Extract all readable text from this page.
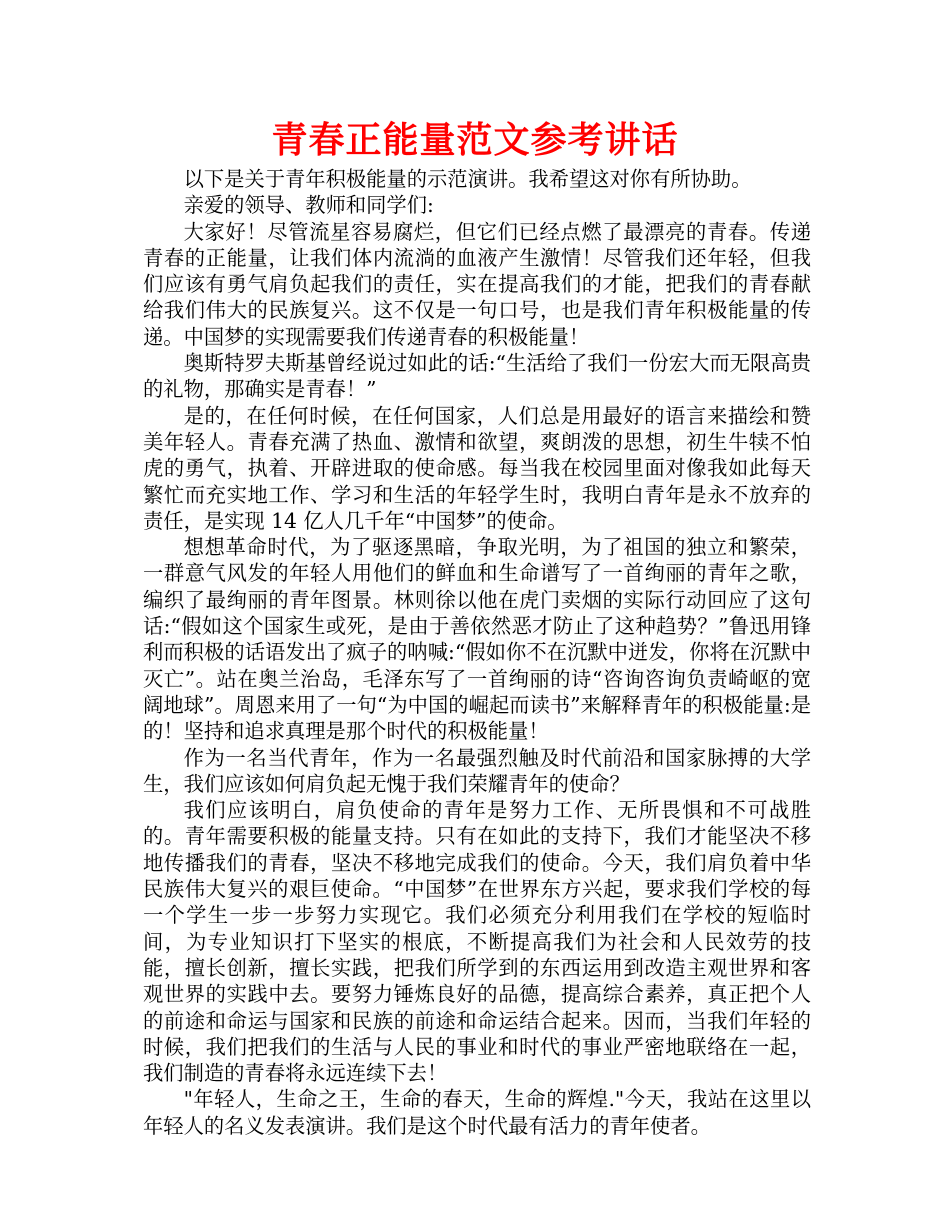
青春正能量范文参考讲话

以下是关于青年积极能量的示范演讲。我希望这对你有所协助。

亲爱的领导、教师和同学们:

大家好！尽管流星容易腐烂，但它们已经点燃了最漂亮的青春。传递青春的正能量，让我们体内流淌的血液产生激情！尽管我们还年轻，但我们应该有勇气肩负起我们的责任，实在提高我们的才能，把我们的青春献给我们伟大的民族复兴。这不仅是一句口号，也是我们青年积极能量的传递。中国梦的实现需要我们传递青春的积极能量！

奥斯特罗夫斯基曾经说过如此的话:“生活给了我们一份宏大而无限高贵的礼物，那确实是青春！”

是的，在任何时候，在任何国家，人们总是用最好的语言来描绘和赞美年轻人。青春充满了热血、激情和欲望，爽朗泼的思想，初生牛犊不怕虎的勇气，执着、开辟进取的使命感。每当我在校园里面对像我如此每天繁忙而充实地工作、学习和生活的年轻学生时，我明白青年是永不放弃的责任，是实现 14 亿人几千年“中国梦”的使命。

想想革命时代，为了驱逐黑暗，争取光明，为了祖国的独立和繁荣，一群意气风发的年轻人用他们的鲜血和生命谱写了一首绚丽的青年之歌，编织了最绚丽的青年图景。林则徐以他在虎门卖烟的实际行动回应了这句话:“假如这个国家生或死，是由于善依然恶才防止了这种趋势？”鲁迅用锋利而积极的话语发出了疯子的呐喊:“假如你不在沉默中迸发，你将在沉默中灭亡”。站在奥兰治岛，毛泽东写了一首绚丽的诗“咨询咨询负责崎岖的宽阔地球”。周恩来用了一句“为中国的崛起而读书”来解释青年的积极能量:是的！坚持和追求真理是那个时代的积极能量！

作为一名当代青年，作为一名最强烈触及时代前沿和国家脉搏的大学生，我们应该如何肩负起无愧于我们荣耀青年的使命？

我们应该明白，肩负使命的青年是努力工作、无所畏惧和不可战胜的。青年需要积极的能量支持。只有在如此的支持下，我们才能坚决不移地传播我们的青春，坚决不移地完成我们的使命。今天，我们肩负着中华民族伟大复兴的艰巨使命。“中国梦”在世界东方兴起，要求我们学校的每一个学生一步一步努力实现它。我们必须充分利用我们在学校的短临时间，为专业知识打下坚实的根底，不断提高我们为社会和人民效劳的技能，擅长创新，擅长实践，把我们所学到的东西运用到改造主观世界和客观世界的实践中去。要努力锤炼良好的品德，提高综合素养，真正把个人的前途和命运与国家和民族的前途和命运结合起来。因而，当我们年轻的时候，我们把我们的生活与人民的事业和时代的事业严密地联络在一起，我们制造的青春将永远连续下去！

"年轻人，生命之王，生命的春天，生命的辉煌."今天，我站在这里以年轻人的名义发表演讲。我们是这个时代最有活力的青年使者。
